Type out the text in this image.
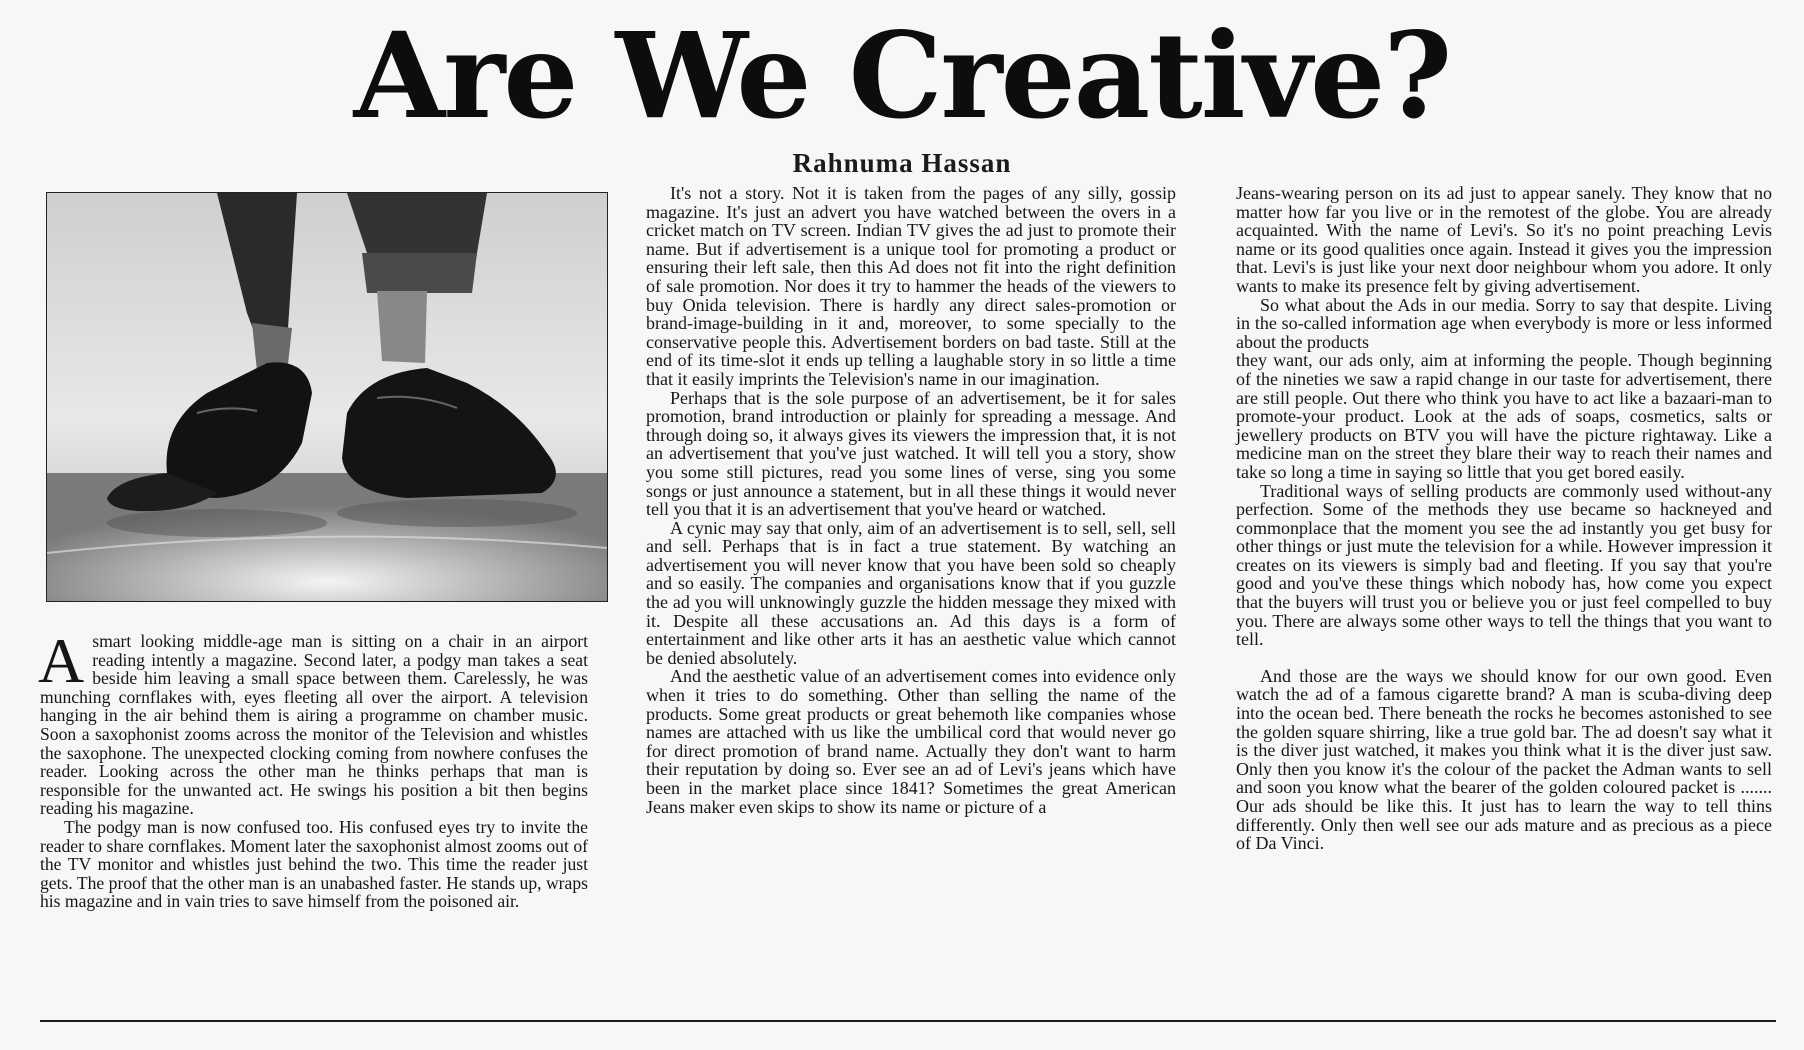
Are We Creative?
Rahnuma Hassan

Asmart looking middle-age man is sitting on a chair in an airport reading intently a magazine. Second later, a podgy man takes a seat beside him leaving a small space between them. Carelessly, he was munching cornflakes with, eyes fleeting all over the airport. A television hanging in the air behind them is airing a programme on chamber music. Soon a saxophonist zooms across the monitor of the Television and whistles the saxophone. The unexpected clocking coming from nowhere confuses the reader. Looking across the other man he thinks perhaps that man is responsible for the unwanted act. He swings his position a bit then begins reading his magazine.

The podgy man is now confused too. His confused eyes try to invite the reader to share cornflakes. Moment later the saxophonist almost zooms out of the TV monitor and whistles just behind the two. This time the reader just gets. The proof that the other man is an unabashed faster. He stands up, wraps his magazine and in vain tries to save himself from the poisoned air.

It's not a story. Not it is taken from the pages of any silly, gossip magazine. It's just an advert you have watched between the overs in a cricket match on TV screen. Indian TV gives the ad just to promote their name. But if advertisement is a unique tool for promoting a product or ensuring their left sale, then this Ad does not fit into the right definition of sale promotion. Nor does it try to hammer the heads of the viewers to buy Onida television. There is hardly any direct sales-promotion or brand-image-building in it and, moreover, to some specially to the conservative people this. Advertisement borders on bad taste. Still at the end of its time-slot it ends up telling a laughable story in so little a time that it easily imprints the Television's name in our imagination.

Perhaps that is the sole purpose of an advertisement, be it for sales promotion, brand introduction or plainly for spreading a message. And through doing so, it always gives its viewers the impression that, it is not an advertisement that you've just watched. It will tell you a story, show you some still pictures, read you some lines of verse, sing you some songs or just announce a statement, but in all these things it would never tell you that it is an advertisement that you've heard or watched.

A cynic may say that only, aim of an advertisement is to sell, sell, sell and sell. Perhaps that is in fact a true statement. By watching an advertisement you will never know that you have been sold so cheaply and so easily. The companies and organisations know that if you guzzle the ad you will unknowingly guzzle the hidden message they mixed with it. Despite all these accusations an. Ad this days is a form of entertainment and like other arts it has an aesthetic value which cannot be denied absolutely.

And the aesthetic value of an advertisement comes into evidence only when it tries to do something. Other than selling the name of the products. Some great products or great behemoth like companies whose names are attached with us like the umbilical cord that would never go for direct promotion of brand name. Actually they don't want to harm their reputation by doing so. Ever see an ad of Levi's jeans which have been in the market place since 1841? Sometimes the great American Jeans maker even skips to show its name or picture of a

Jeans-wearing person on its ad just to appear sanely. They know that no matter how far you live or in the remotest of the globe. You are already acquainted. With the name of Levi's. So it's no point preaching Levis name or its good qualities once again. Instead it gives you the impression that. Levi's is just like your next door neighbour whom you adore. It only wants to make its presence felt by giving advertisement.

So what about the Ads in our media. Sorry to say that despite. Living in the so-called information age when everybody is more or less informed about the products

they want, our ads only, aim at informing the people. Though beginning of the nineties we saw a rapid change in our taste for advertisement, there are still people. Out there who think you have to act like a bazaari-man to promote-your product. Look at the ads of soaps, cosmetics, salts or jewellery products on BTV you will have the picture rightaway. Like a medicine man on the street they blare their way to reach their names and take so long a time in saying so little that you get bored easily.

Traditional ways of selling products are commonly used without-any perfection. Some of the methods they use became so hackneyed and commonplace that the moment you see the ad instantly you get busy for other things or just mute the television for a while. However impression it creates on its viewers is simply bad and fleeting. If you say that you're good and you've these things which nobody has, how come you expect that the buyers will trust you or believe you or just feel compelled to buy you. There are always some other ways to tell the things that you want to tell.

And those are the ways we should know for our own good. Even watch the ad of a famous cigarette brand? A man is scuba-diving deep into the ocean bed. There beneath the rocks he becomes astonished to see the golden square shirring, like a true gold bar. The ad doesn't say what it is the diver just watched, it makes you think what it is the diver just saw. Only then you know it's the colour of the packet the Adman wants to sell and soon you know what the bearer of the golden coloured packet is ....... Our ads should be like this. It just has to learn the way to tell thins differently. Only then well see our ads mature and as precious as a piece of Da Vinci.
